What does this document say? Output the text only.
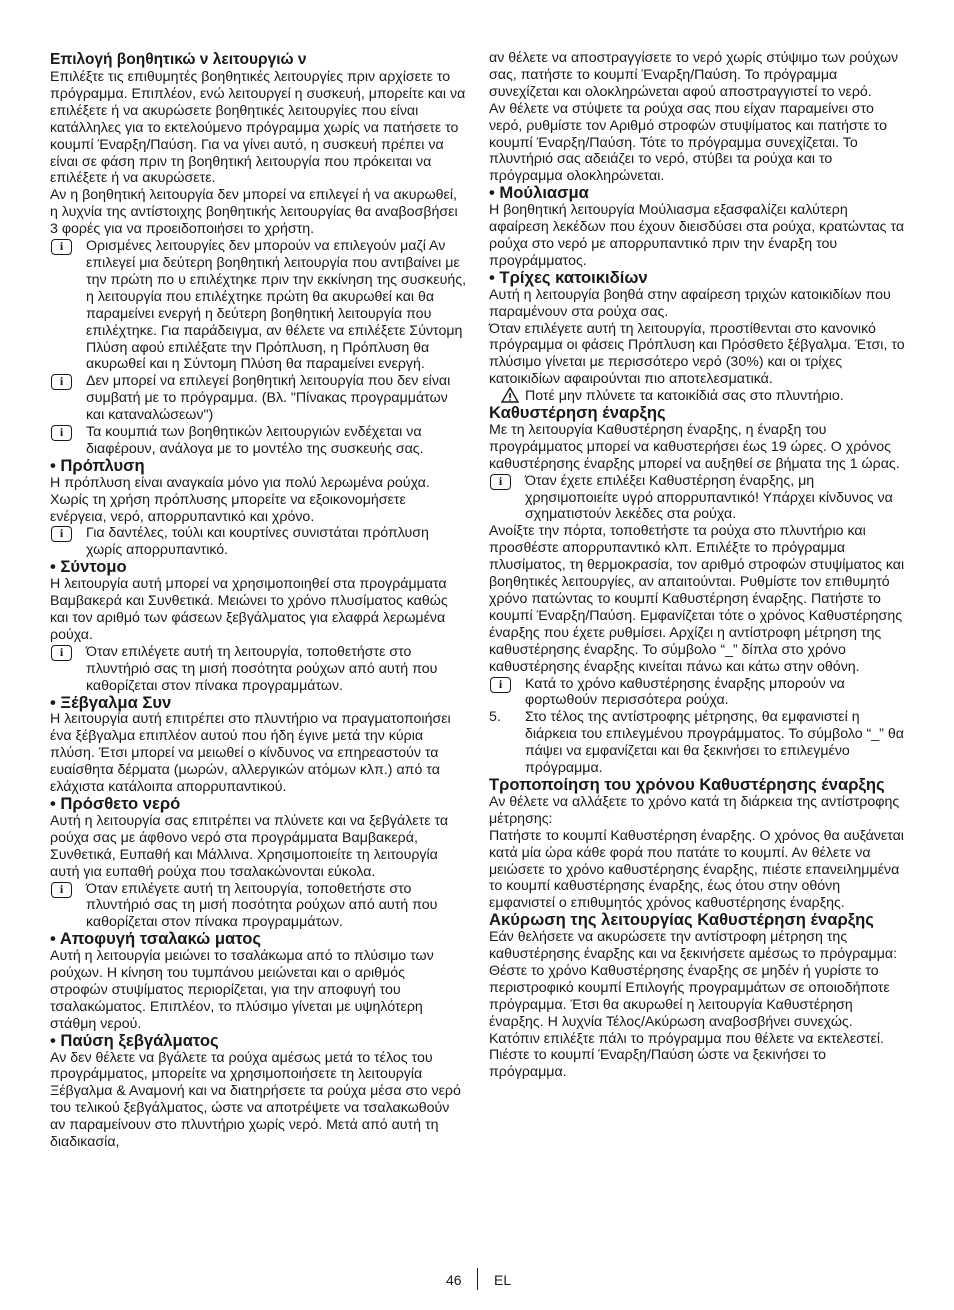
Επιλογή βοηθητικώ ν λειτουργιώ ν

Επιλέξτε τις επιθυμητές βοηθητικές λειτουργίες πριν αρχίσετε το πρόγραμμα. Επιπλέον, ενώ λειτουργεί η συσκευή, μπορείτε και να επιλέξετε ή να ακυρώσετε βοηθητικές λειτουργίες που είναι κατάλληλες για το εκτελούμενο πρόγραμμα χωρίς να πατήσετε το κουμπί Έναρξη/Παύση. Για να γίνει αυτό, η συσκευή πρέπει να είναι σε φάση πριν τη βοηθητική λειτουργία που πρόκειται να επιλέξετε ή να ακυρώσετε.

Αν η βοηθητική λειτουργία δεν μπορεί να επιλεγεί ή να ακυρωθεί, η λυχνία της αντίστοιχης βοηθητικής λειτουργίας θα αναβοσβήσει 3 φορές για να προειδοποιήσει το χρήστη.

i	Ορισμένες λειτουργίες δεν μπορούν να επιλεγούν μαζί Αν επιλεγεί μια δεύτερη βοηθητική λειτουργία που αντιβαίνει με την πρώτη πο υ επιλέχτηκε πριν την εκκίνηση της συσκευής, η λειτουργία που επιλέχτηκε πρώτη θα ακυρωθεί και θα παραμείνει ενεργή η δεύτερη βοηθητική λειτουργία που επιλέχτηκε. Για παράδειγμα, αν θέλετε να επιλέξετε Σύντομη Πλύση αφού επιλέξατε την Πρόπλυση, η Πρόπλυση θα ακυρωθεί και η Σύντομη Πλύση θα παραμείνει ενεργή.

i	Δεν μπορεί να επιλεγεί βοηθητική λειτουργία που δεν είναι συμβατή με το πρόγραμμα. (Βλ. "Πίνακας προγραμμάτων και καταναλώσεων")

i	Τα κουμπιά των βοηθητικών λειτουργιών ενδέχεται να διαφέρουν, ανάλογα με το μοντέλο της συσκευής σας.

• Πρόπλυση

Η πρόπλυση είναι αναγκαία μόνο για πολύ λερωμένα ρούχα. Χωρίς τη χρήση πρόπλυσης μπορείτε να εξοικονομήσετε ενέργεια, νερό, απορρυπαντικό και χρόνο.

i	Για δαντέλες, τούλι και κουρτίνες συνιστάται πρόπλυση χωρίς απορρυπαντικό.

• Σύντομο

Η λειτουργία αυτή μπορεί να χρησιμοποιηθεί στα προγράμματα Βαμβακερά και Συνθετικά. Μειώνει το χρόνο πλυσίματος καθώς και τον αριθμό των φάσεων ξεβγάλματος για ελαφρά λερωμένα ρούχα.

i	Όταν επιλέγετε αυτή τη λειτουργία, τοποθετήστε στο πλυντήριό σας τη μισή ποσότητα ρούχων από αυτή που καθορίζεται στον πίνακα προγραμμάτων.

• Ξέβγαλμα Συν

Η λειτουργία αυτή επιτρέπει στο πλυντήριο να πραγματοποιήσει ένα ξέβγαλμα επιπλέον αυτού που ήδη έγινε μετά την κύρια πλύση. Έτσι μπορεί να μειωθεί ο κίνδυνος να επηρεαστούν τα ευαίσθητα δέρματα (μωρών, αλλεργικών ατόμων κλπ.) από τα ελάχιστα κατάλοιπα απορρυπαντικού.

• Πρόσθετο νερό

Αυτή η λειτουργία σας επιτρέπει να πλύνετε και να ξεβγάλετε τα ρούχα σας με άφθονο νερό στα προγράμματα Βαμβακερά, Συνθετικά, Ευπαθή και Μάλλινα. Χρησιμοποιείτε τη λειτουργία αυτή για ευπαθή ρούχα που τσαλακώνονται εύκολα.

i	Όταν επιλέγετε αυτή τη λειτουργία, τοποθετήστε στο πλυντήριό σας τη μισή ποσότητα ρούχων από αυτή που καθορίζεται στον πίνακα προγραμμάτων.

• Αποφυγή τσαλακώ ματος

Αυτή η λειτουργία μειώνει το τσαλάκωμα από το πλύσιμο των ρούχων. Η κίνηση του τυμπάνου μειώνεται και ο αριθμός στροφών στυψίματος περιορίζεται, για την αποφυγή του τσαλακώματος. Επιπλέον, το πλύσιμο γίνεται με υψηλότερη στάθμη νερού.

• Παύση ξεβγάλματος

Αν δεν θέλετε να βγάλετε τα ρούχα αμέσως μετά το τέλος του προγράμματος, μπορείτε να χρησιμοποιήσετε τη λειτουργία Ξέβγαλμα & Αναμονή και να διατηρήσετε τα ρούχα μέσα στο νερό του τελικού ξεβγάλματος, ώστε να αποτρέψετε να τσαλακωθούν αν παραμείνουν στο πλυντήριο χωρίς νερό. Μετά από αυτή τη διαδικασία,

αν θέλετε να αποστραγγίσετε το νερό χωρίς στύψιμο των ρούχων σας, πατήστε το κουμπί Έναρξη/Παύση. Το πρόγραμμα συνεχίζεται και ολοκληρώνεται αφού αποστραγγιστεί το νερό.

Αν θέλετε να στύψετε τα ρούχα σας που είχαν παραμείνει στο νερό, ρυθμίστε τον Αριθμό στροφών στυψίματος και πατήστε το κουμπί Έναρξη/Παύση. Τότε το πρόγραμμα συνεχίζεται. Το πλυντήριό σας αδειάζει το νερό, στύβει τα ρούχα και το πρόγραμμα ολοκληρώνεται.

• Μούλιασμα

Η βοηθητική λειτουργία Μούλιασμα εξασφαλίζει καλύτερη αφαίρεση λεκέδων που έχουν διεισδύσει στα ρούχα, κρατώντας τα ρούχα στο νερό με απορρυπαντικό πριν την έναρξη του προγράμματος.

• Τρίχες κατοικιδίων

Αυτή η λειτουργία βοηθά στην αφαίρεση τριχών κατοικιδίων που παραμένουν στα ρούχα σας.

Όταν επιλέγετε αυτή τη λειτουργία, προστίθενται στο κανονικό πρόγραμμα οι φάσεις Πρόπλυση και Πρόσθετο ξέβγαλμα. Έτσι, το πλύσιμο γίνεται με περισσότερο νερό (30%) και οι τρίχες κατοικιδίων αφαιρούνται πιο αποτελεσματικά.

Ποτέ μην πλύνετε τα κατοικίδιά σας στο πλυντήριο.

Καθυστέρηση έναρξης

Με τη λειτουργία Καθυστέρηση έναρξης, η έναρξη του προγράμματος μπορεί να καθυστερήσει έως 19 ώρες. Ο χρόνος καθυστέρησης έναρξης μπορεί να αυξηθεί σε βήματα της 1 ώρας.

i	Όταν έχετε επιλέξει Καθυστέρηση έναρξης, μη χρησιμοποιείτε υγρό απορρυπαντικό! Υπάρχει κίνδυνος να σχηματιστούν λεκέδες στα ρούχα.

Ανοίξτε την πόρτα, τοποθετήστε τα ρούχα στο πλυντήριο και προσθέστε απορρυπαντικό κλπ. Επιλέξτε το πρόγραμμα πλυσίματος, τη θερμοκρασία, τον αριθμό στροφών στυψίματος και βοηθητικές λειτουργίες, αν απαιτούνται. Ρυθμίστε τον επιθυμητό χρόνο πατώντας το κουμπί Καθυστέρηση έναρξης. Πατήστε το κουμπί Έναρξη/Παύση. Εμφανίζεται τότε ο χρόνος Καθυστέρησης έναρξης που έχετε ρυθμίσει. Αρχίζει η αντίστροφη μέτρηση της καθυστέρησης έναρξης. Το σύμβολο “_” δίπλα στο χρόνο καθυστέρησης έναρξης κινείται πάνω και κάτω στην οθόνη.

i	Κατά το χρόνο καθυστέρησης έναρξης μπορούν να φορτωθούν περισσότερα ρούχα.

5. Στο τέλος της αντίστροφης μέτρησης, θα εμφανιστεί η διάρκεια του επιλεγμένου προγράμματος. Το σύμβολο “_” θα πάψει να εμφανίζεται και θα ξεκινήσει το επιλεγμένο πρόγραμμα.

Τροποποίηση του χρόνου Καθυστέρησης έναρξης

Αν θέλετε να αλλάξετε το χρόνο κατά τη διάρκεια της αντίστροφης μέτρησης:

Πατήστε το κουμπί Καθυστέρηση έναρξης. Ο χρόνος θα αυξάνεται κατά μία ώρα κάθε φορά που πατάτε το κουμπί. Αν θέλετε να μειώσετε το χρόνο καθυστέρησης έναρξης, πιέστε επανειλημμένα το κουμπί καθυστέρησης έναρξης, έως ότου στην οθόνη εμφανιστεί ο επιθυμητός χρόνος καθυστέρησης έναρξης.

Ακύρωση της λειτουργίας Καθυστέρηση έναρξης

Εάν θελήσετε να ακυρώσετε την αντίστροφη μέτρηση της καθυστέρησης έναρξης και να ξεκινήσετε αμέσως το πρόγραμμα: Θέστε το χρόνο Καθυστέρησης έναρξης σε μηδέν ή γυρίστε το περιστροφικό κουμπί Επιλογής προγραμμάτων σε οποιοδήποτε πρόγραμμα. Έτσι θα ακυρωθεί η λειτουργία Καθυστέρηση έναρξης. Η λυχνία Τέλος/Ακύρωση αναβοσβήνει συνεχώς. Κατόπιν επιλέξτε πάλι το πρόγραμμα που θέλετε να εκτελεστεί. Πιέστε το κουμπί Έναρξη/Παύση ώστε να ξεκινήσει το πρόγραμμα.

46 EL
